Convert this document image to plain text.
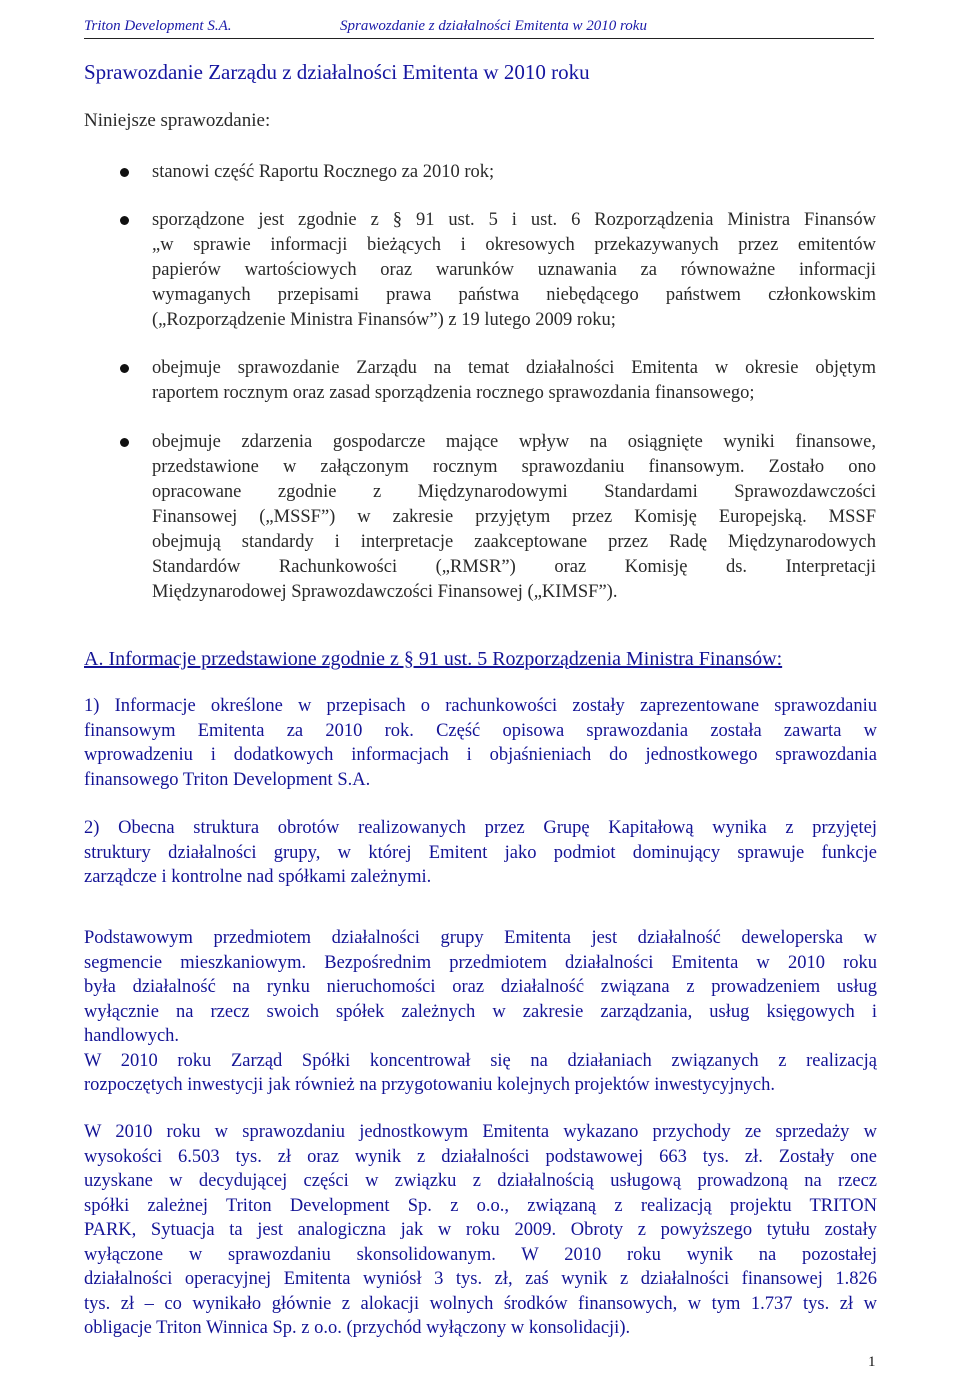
Triton Development S.A.	Sprawozdanie z działalności Emitenta w 2010 roku
Sprawozdanie Zarządu z działalności Emitenta w 2010 roku
Niniejsze sprawozdanie:
stanowi część Raportu Rocznego za 2010 rok;
sporządzone jest zgodnie z § 91 ust. 5 i ust. 6 Rozporządzenia Ministra Finansów
„w sprawie informacji bieżących i okresowych przekazywanych przez emitentów
papierów wartościowych oraz warunków uznawania za równoważne informacji
wymaganych przepisami prawa państwa niebędącego państwem członkowskim
(„Rozporządzenie Ministra Finansów”) z 19 lutego 2009 roku;
obejmuje sprawozdanie Zarządu na temat działalności Emitenta w okresie objętym
raportem rocznym oraz zasad sporządzenia rocznego sprawozdania finansowego;
obejmuje zdarzenia gospodarcze mające wpływ na osiągnięte wyniki finansowe,
przedstawione w załączonym rocznym sprawozdaniu finansowym. Zostało ono
opracowane zgodnie z Międzynarodowymi Standardami Sprawozdawczości
Finansowej („MSSF”) w zakresie przyjętym przez Komisję Europejską. MSSF
obejmują standardy i interpretacje zaakceptowane przez Radę Międzynarodowych
Standardów Rachunkowości („RMSR”) oraz Komisję ds. Interpretacji
Międzynarodowej Sprawozdawczości Finansowej („KIMSF”).
A. Informacje przedstawione zgodnie z § 91 ust. 5 Rozporządzenia Ministra Finansów:
1) Informacje określone w przepisach o rachunkowości zostały zaprezentowane sprawozdaniu
finansowym Emitenta za 2010 rok. Część opisowa sprawozdania została zawarta w
wprowadzeniu i dodatkowych informacjach i objaśnieniach do jednostkowego sprawozdania
finansowego Triton Development S.A.
2) Obecna struktura obrotów realizowanych przez Grupę Kapitałową wynika z przyjętej
struktury działalności grupy, w której Emitent jako podmiot dominujący sprawuje funkcje
zarządcze i kontrolne nad spółkami zależnymi.
Podstawowym przedmiotem działalności grupy Emitenta jest działalność deweloperska w
segmencie mieszkaniowym. Bezpośrednim przedmiotem działalności Emitenta w 2010 roku
była działalność na rynku nieruchomości oraz działalność związana z prowadzeniem usług
wyłącznie na rzecz swoich spółek zależnych w zakresie zarządzania, usług księgowych i
handlowych.
W 2010 roku Zarząd Spółki koncentrował się na działaniach związanych z realizacją
rozpoczętych inwestycji jak również na przygotowaniu kolejnych projektów inwestycyjnych.
W 2010 roku w sprawozdaniu jednostkowym Emitenta wykazano przychody ze sprzedaży w
wysokości 6.503 tys. zł oraz wynik z działalności podstawowej 663 tys. zł. Zostały one
uzyskane w decydującej części w związku z działalnością usługową prowadzoną na rzecz
spółki zależnej Triton Development Sp. z o.o., związaną z realizacją projektu TRITON
PARK, Sytuacja ta jest analogiczna jak w roku 2009. Obroty z powyższego tytułu zostały
wyłączone w sprawozdaniu skonsolidowanym. W 2010 roku wynik na pozostałej
działalności operacyjnej Emitenta wyniósł 3 tys. zł, zaś wynik z działalności finansowej 1.826
tys. zł – co wynikało głównie z alokacji wolnych środków finansowych, w tym 1.737 tys. zł w
obligacje Triton Winnica Sp. z o.o. (przychód wyłączony w konsolidacji).
1
